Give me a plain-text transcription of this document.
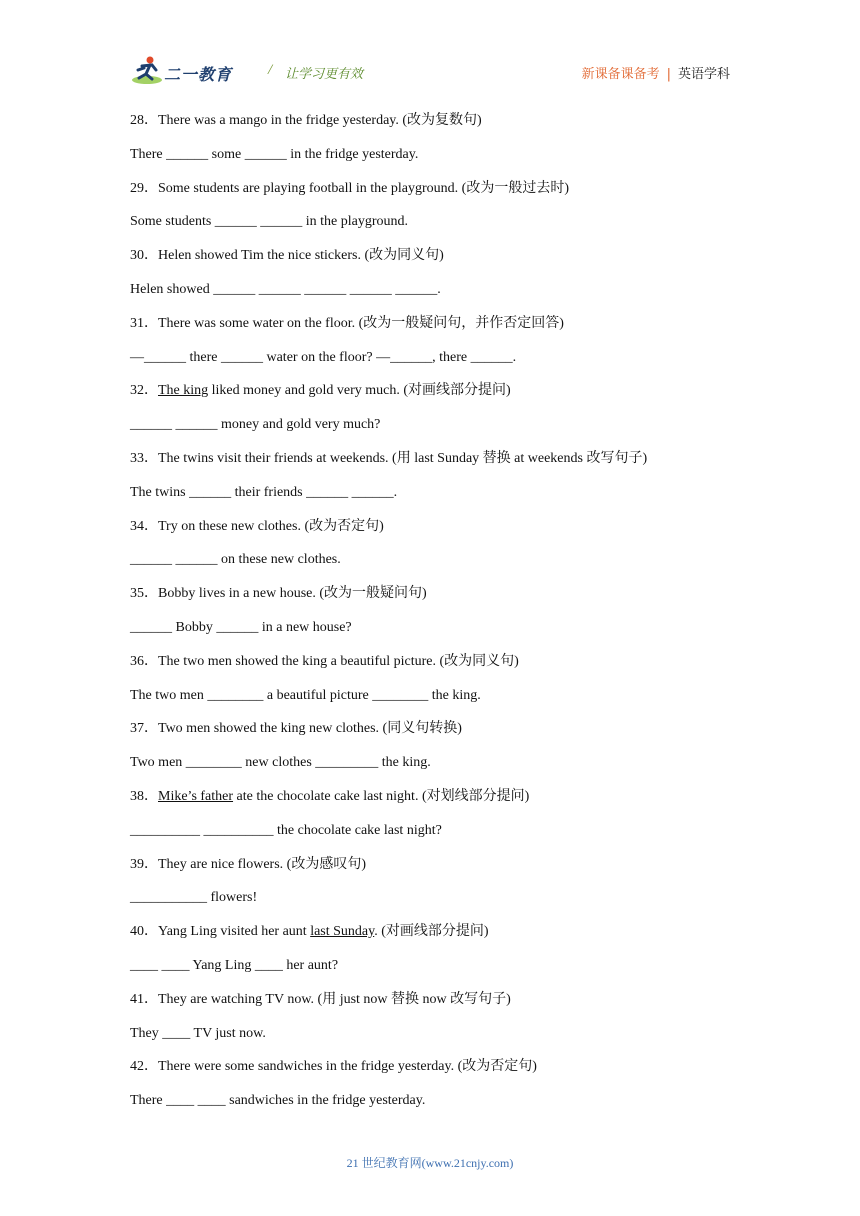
二一教育 / 让学习更有效	新课备课备考 | 英语学科
28．There was a mango in the fridge yesterday. (改为复数句)
There ______ some ______ in the fridge yesterday.
29．Some students are playing football in the playground. (改为一般过去时)
Some students ______ ______ in the playground.
30．Helen showed Tim the nice stickers. (改为同义句)
Helen showed ______ ______ ______ ______ ______.
31．There was some water on the floor. (改为一般疑问句，并作否定回答)
—______ there ______ water on the floor? —______, there ______.
32．The king liked money and gold very much. (对画线部分提问)
______ ______ money and gold very much?
33．The twins visit their friends at weekends. (用 last Sunday 替换 at weekends 改写句子)
The twins ______ their friends ______ ______.
34．Try on these new clothes. (改为否定句)
______ ______ on these new clothes.
35．Bobby lives in a new house. (改为一般疑问句)
______ Bobby ______ in a new house?
36．The two men showed the king a beautiful picture. (改为同义句)
The two men ________ a beautiful picture ________ the king.
37．Two men showed the king new clothes. (同义句转换)
Two men ________ new clothes _________ the king.
38．Mike’s father ate the chocolate cake last night. (对划线部分提问)
__________ __________ the chocolate cake last night?
39．They are nice flowers. (改为感叹句)
___________ flowers!
40．Yang Ling visited her aunt last Sunday. (对画线部分提问)
____ ____ Yang Ling ____ her aunt?
41．They are watching TV now. (用 just now 替换 now 改写句子)
They ____ TV just now.
42．There were some sandwiches in the fridge yesterday. (改为否定句)
There ____ ____ sandwiches in the fridge yesterday.
21 世纪教育网(www.21cnjy.com)
